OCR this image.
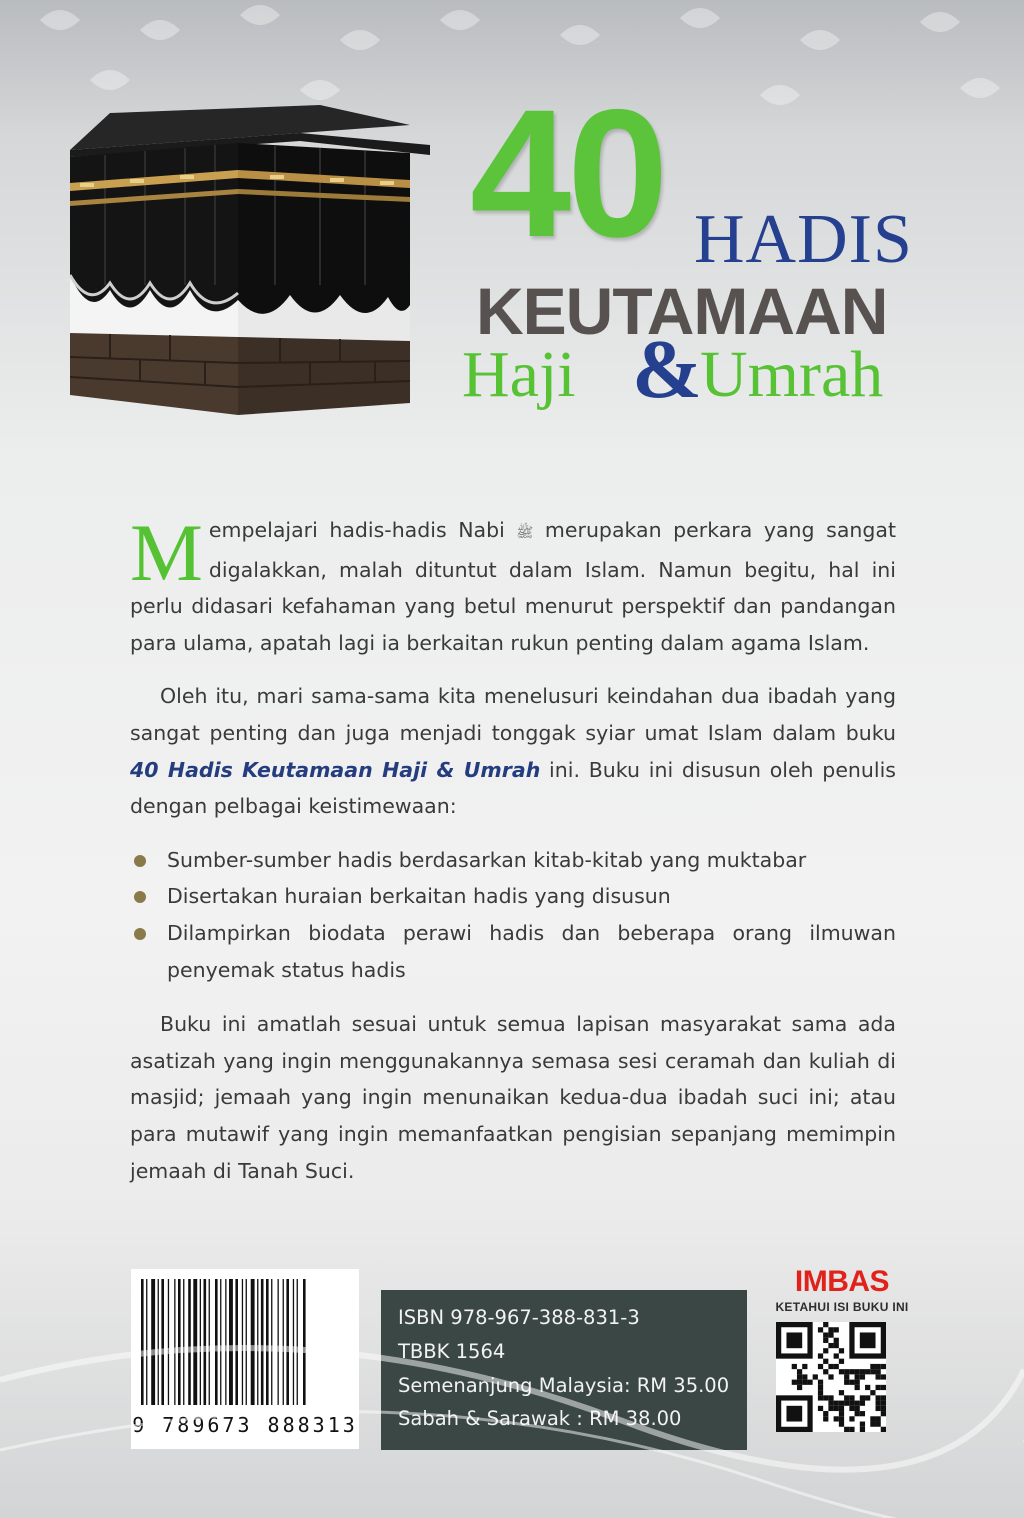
40 HADIS
KEUTAMAAN
Haji &
Umrah

Mempelajari hadis-hadis Nabi ﷺ merupakan perkara yang sangat digalakkan, malah dituntut dalam Islam. Namun begitu, hal ini perlu didasari kefahaman yang betul menurut perspektif dan pandangan para ulama, apatah lagi ia berkaitan rukun penting dalam agama Islam.

Oleh itu, mari sama-sama kita menelusuri keindahan dua ibadah yang sangat penting dan juga menjadi tonggak syiar umat Islam dalam buku 40 Hadis Keutamaan Haji & Umrah ini. Buku ini disusun oleh penulis dengan pelbagai keistimewaan:

Sumber-sumber hadis berdasarkan kitab-kitab yang muktabar
Disertakan huraian berkaitan hadis yang disusun
Dilampirkan biodata perawi hadis dan beberapa orang ilmuwan penyemak status hadis

Buku ini amatlah sesuai untuk semua lapisan masyarakat sama ada asatizah yang ingin menggunakannya semasa sesi ceramah dan kuliah di masjid; jemaah yang ingin menunaikan kedua-dua ibadah suci ini; atau para mutawif yang ingin memanfaatkan pengisian sepanjang memimpin jemaah di Tanah Suci.

9 789673 888313
ISBN 978-967-388-831-3
TBBK 1564
Semenanjung Malaysia: RM 35.00
Sabah & Sarawak : RM 38.00
IMBAS
KETAHUI ISI BUKU INI
